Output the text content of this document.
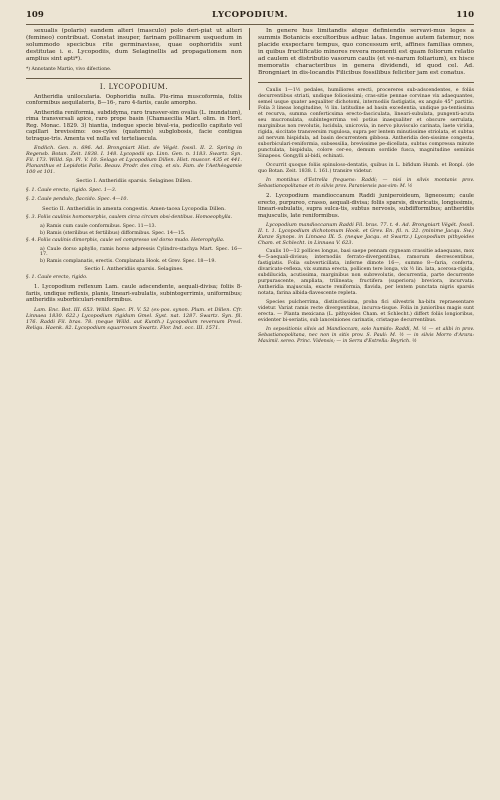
109	LYCOPODIUM.	110

sexualis (polaris) eandem alteri (masculo) polo deri-piat ut alteri (femineo) contribuat. Constat insuper, farinam pollinarem usquedum in solummodo specicbus rite germinavisse, quae oophoridiis sunt destitutae i. e. Lycopodiis, dum Selaginellis ad propagationem non amplius sint apti*).

*) Annotante Martio, vivo difectione.

I. LYCOPODIUM.

Antheridia unilocularia. Oophoridia nulla. Plu-rima muscoformia, foliis conformibus aequilateris, 8—16-, raro 4-fariis, caule amorpho.

Antheridia reniformia, subdidyma, raro transver-sim ovalia (L. inundatum), rima transversali apice, raro prope basin (Chamaecilia Mart. olim. in Hort. Reg. Monac. 1829. 3) hiantia, indeque specie bival-via, pedicello capitato vel capillari brevissimo: oos-cyles (quaternis) subglobosis, facie contigua tetraque-tris. Amenta vel nulla vel terteliaecula.

Endlich. Gen. n. 696. Ad. Brongniart Hist. de Végét. fossil. II. 2. Spring in Regensb. Botan. Zeit. 1838. I. 148. Lycopodii sp. Linn. Gen. n. 1183. Swartz. Syn. Fil. 173. Willd. Sp. Pl. V. 10. Selago et Lycopodium Dillen. Hist. muscor. 435 et 441. Plananthus et Lepidotis Palis. Beauv. Prodr. des cinq. et six. Fam. de l'Aethéogamie 100 et 101.

Sectio I. Antheridiis sparsis. Selagines Dillen.

§. 1. Caule erecto, rigido. Spec. 1—3.

§. 2. Caule pendulo, flaccido. Spec. 4—10.

Sectio II. Antheridiis in amenta congestis. Amen-tacea Lycopodia Dillen.

§. 3. Foliis caulinis homomorphis, caulem circa circum obsi-dentibus. Homoeophylla.

a) Ramis cum caule conformibus. Spec. 11—13.

b) Ramis (sterilibus et fertilibus) difformibus. Spec. 14—15.

§. 4. Foliis caulinis dimorphis, caule vel compresso vel dorso mudo. Heterophylla.

a) Caule dorso aphyllo, ramis horso adpressis Cylindro-stachya Mart. Spec. 16—17.

b) Ramis complanatis, erectis. Complanata Hook. et Grev. Spec. 18—19.

Sectio I. Antheridiis sparsis. Selagines.

§. 1. Caule erecto, rigido.

1. Lycopodium reflexum Lam. caule adscendente, aequali-divisa; foliis 8-fariis, undique reflexis, planis, lineari-subulatis, subintegerrimis, uniformibus; antheridiis suborbiculari-reniformibus.

Lam. Enc. Bot. III. 653. Willd. Spec. Pl. V. 52 (ex-pos. synon. Plum. et Dillen. Cfr. Linnaea 1830. 622.) Lycopodium rigidum Gmel. Syst. nat. 1287. Swartz. Syn. fil. 176. Raddi Fil. bras. 78. (neque Willd. aut Kunth.) Lycopodium reversum Presl. Reliqu. Haenk. 82. Lycopodium squarrosum Swartz. Flor. Ind. occ. III. 1571.

In genere hus limitandis atque definiendis servavi-mus leges a summis Botanicis excultoribus adhuc latas. Ingenue autem fatemur, nos placide exspectare tempus, quo concessum erit, affines familias omnes, in quibus fructificatio minores revera momenti est quam foliorum relatio ad caulem et distributio vasorum caulis (et ve-narum foliarium), ex hisce memoratis characteribus in genera dividendi, id quod cel. Ad. Brongniart in dis-locandis Filicibus fossilibus feliciter jam est conatus.

Caulis 1—1½ pedales, humiliores erecti, procereres sub-adscendentes, e foliis decurrentibus striati, undique foliosissimi; cras-sitie pennae corvinae vix adaequantes, semel usque quater aequaliter dichotomi, internodiis fastigiatis, ex angulo 45° partitis. Folia 3 lineas longitudine, ½ lin. latitudine ad basin excedentia, undique pa-tentissima et recurva, summa conferticsima erecto-fasciculata, lineari-subulata, pungenti-acuta seu mucronulata, subintegerrima vel potius inaequaliter et obscure serrulata, marginibus non revolutis, lucidula, unicrovia, in nervo pluvisculo carinata, laete viridia, rigida, siccitate transversim rugulosa, supra per lentem minutissime striolata, et subtus ad nervum hispidula, ad basin decurrentem gibbosa. Antheridia den-sissime congesta, suborbiculari-reniformia, subsessilia, brevissime pe-dicellata, subtus compressa minute punctulata, bispidula, colore cer-eo, demum sordide fusca, magnitudine semiinis Sinapeos. Gongylli al-bidi, echinati.

Occurrit quoque foliis spinuloso-dentatis, quibus in L. bifidum Humb. et Bonpl. (de quo Botan. Zeit. 1838. I. 161.) transire videtur.

In montibus d'Estrella frequens: Raddi; — nisi in silvis montanis prov. Sebastianopolitanae et in silvis prov. Paraniensis pas-sim: M. ½

2. Lycopodium mandioccanum Raddi juniperoideum, ligneosum; caule erecto, purpureo, crasso, aequali-divisa; foliis sparsis, divaricatis, longissimis, lineari-subulatis, supra sulca-tis, subtus nervosis, subdifformibus; antheridiis majusculis, late reniformibus.

Lycopodium mandioccanum Raddi Fil. bras. 77. t. 4. Ad. Brongniart Végét. fossil. II. t. 1. Lycopodium dichotomum Hook. et Grev. En. fil. n. 22. (minime Jacqu. Sw.) Kunze Synops. in Linnaea IX. 5. (neque Jacqu. et Swartz.) Lycopodium pithyoides Cham. et Schlecht. in Linnaea V. 623.

Caulis 10—12 pollices longus, basi saepe pennam cygneam crassitie adaequans, mox 4—5-aequali-divisus; internodiis ferrato-divergentibus, ramorum decrescentibus, fastigiatis. Folia subverticillata, inferne dimote 16—, summo 8—faria, conferta, divaricato-reflexa, vix summa erecta, pollicem tere longa, vix ½ lin. lata, acerosa-rigida, subdilucida, acutissima, marginibus non subrevolutis, decurrentia, parte decurrente purpurascente, ampliata, trilineata; fructifera (superiora) breviora, incurvata. Antheridia majuscula, exacte reniformia, flavida, per lentem punctata nigris sparsis notata, farina albida-flavescente repleta.

Species pulcherrima, distinctissima, proba fici silvestris ha-bitu repraesentare videtur. Variat ramis recte divergentibus, incurva-tisque. Folia in junioribus magis sunt erecta. — Planta mexicana (L. pithyoides Cham. et Schlecht.) differt foliis longioribus, evidenter bi-seriatis, sub lanceiniones carinatis, cristaque decurrentibus.

In sepositionis silvis ad Mandioccam, solo humido: Raddi, M. ½ — et alibi in prov. Sebastianopolitana, nec non in sitis prov. S. Pauli: M. ½ — in silvis Morro d'Arara: Maximil. sereo. Princ. Vidensis; — in Serra d'Estrella: Beyrich. ½
